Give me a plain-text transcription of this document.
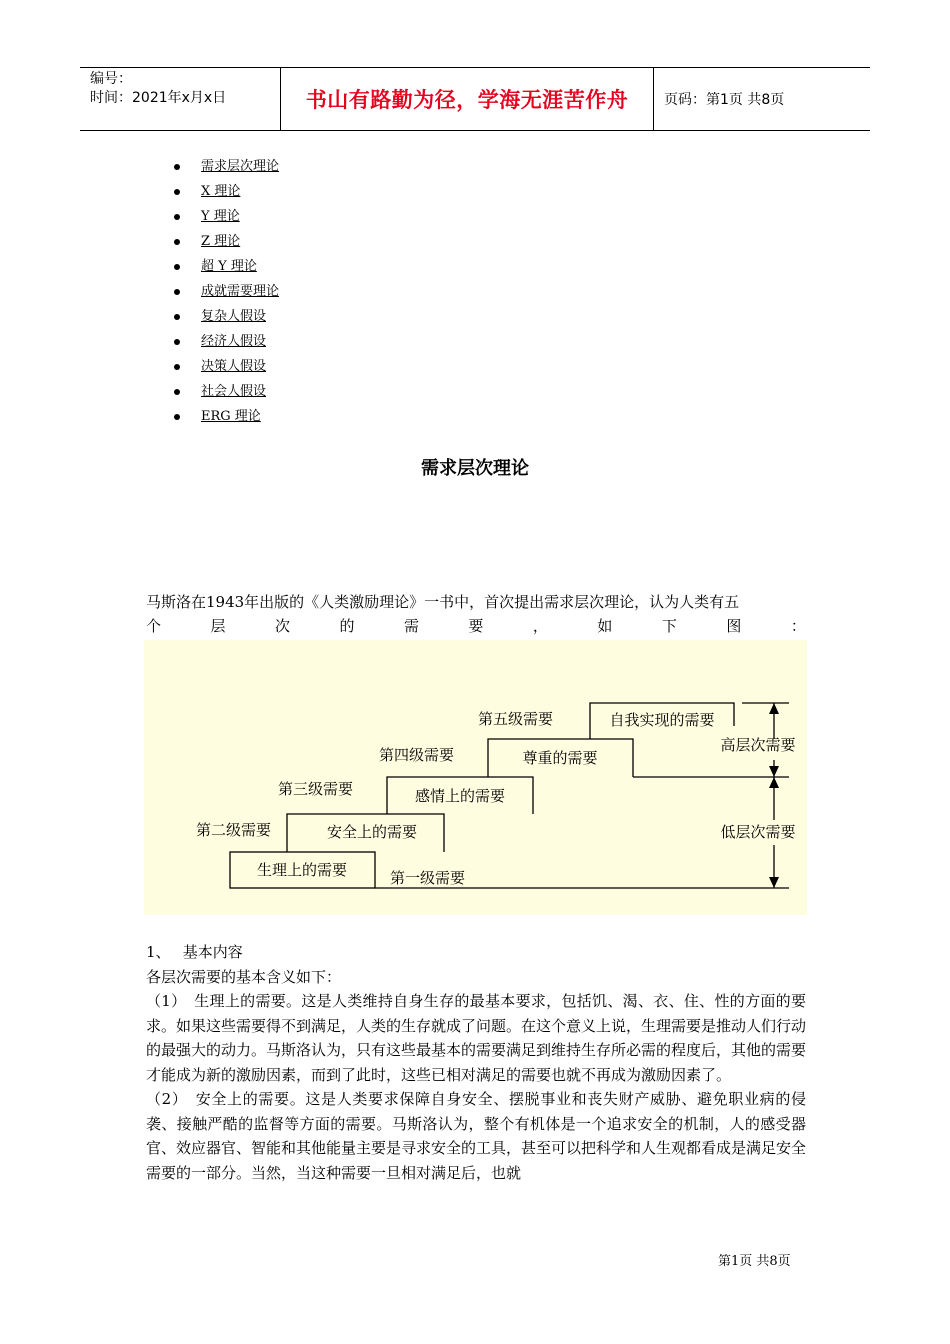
编号：
时间：2021年x月x日	书山有路勤为径，学海无涯苦作舟	页码：第1页 共8页
需求层次理论
X 理论
Y 理论
Z 理论
超 Y 理论
成就需要理论
复杂人假设
经济人假设
决策人假设
社会人假设
ERG 理论
需求层次理论
马斯洛在1943年出版的《人类激励理论》一书中，首次提出需求层次理论，认为人类有五
个	层	次	的	需	要	，	如	下	图	：
生理上的需要
安全上的需要
感情上的需要
尊重的需要
自我实现的需要
第一级需要
第二级需要
第三级需要
第四级需要
第五级需要
高层次需要
低层次需要

1、　 基本内容

各层次需要的基本含义如下：

（1）　生理上的需要。这是人类维持自身生存的最基本要求，包括饥、渴、衣、住、性的方面的要求。如果这些需要得不到满足，人类的生存就成了问题。在这个意义上说，生理需要是推动人们行动的最强大的动力。马斯洛认为，只有这些最基本的需要满足到维持生存所必需的程度后，其他的需要才能成为新的激励因素，而到了此时，这些已相对满足的需要也就不再成为激励因素了。

（2）　安全上的需要。这是人类要求保障自身安全、摆脱事业和丧失财产威胁、避免职业病的侵袭、接触严酷的监督等方面的需要。马斯洛认为，整个有机体是一个追求安全的机制，人的感受器官、效应器官、智能和其他能量主要是寻求安全的工具，甚至可以把科学和人生观都看成是满足安全需要的一部分。当然，当这种需要一旦相对满足后，也就

第1页 共8页
